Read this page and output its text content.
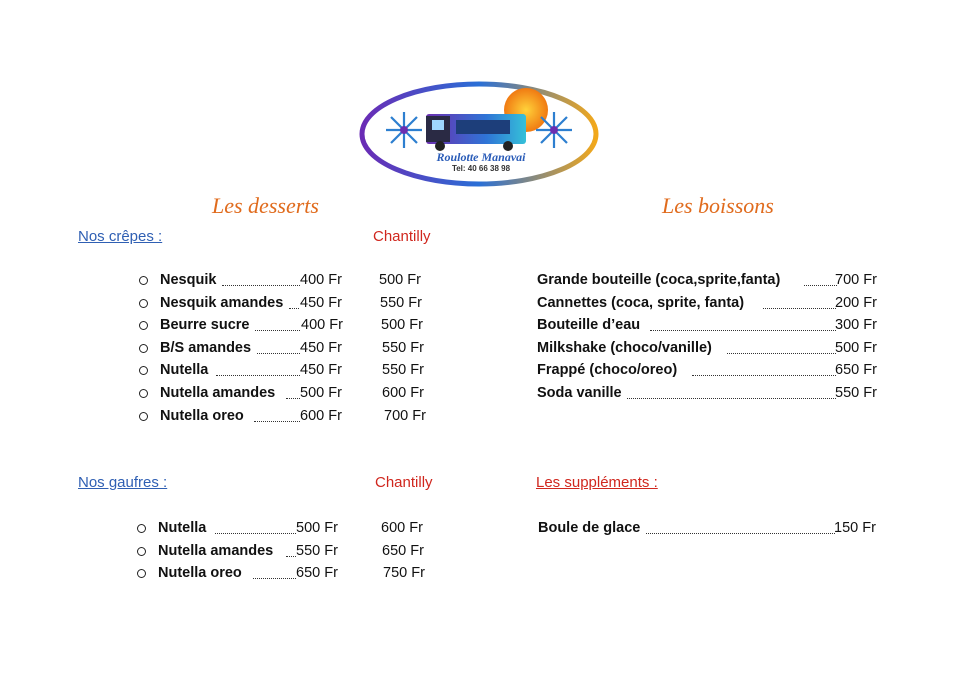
Roulotte Manavai
Tel: 40 66 38 98
Les desserts	Les boissons
Nos crêpes :	Chantilly
Nesquik	400 Fr	500 Fr
Nesquik amandes 450 Fr	550 Fr
Beurre sucre	400 Fr	500 Fr
B/S amandes	450 Fr	550 Fr
Nutella	450 Fr	550 Fr
Nutella amandes 500 Fr	600 Fr
Nutella oreo	600 Fr	700 Fr
Nos gaufres :	Chantilly
Nutella	500 Fr	600 Fr
Nutella amandes 550 Fr	650 Fr
Nutella oreo	650 Fr	750 Fr
Grande bouteille (coca,sprite,fanta)	700 Fr
Cannettes (coca, sprite, fanta)	200 Fr
Bouteille d’eau	300 Fr
Milkshake (choco/vanille)	500 Fr
Frappé (choco/oreo)	650 Fr
Soda vanille	550 Fr
Les suppléments :
Boule de glace	150 Fr
